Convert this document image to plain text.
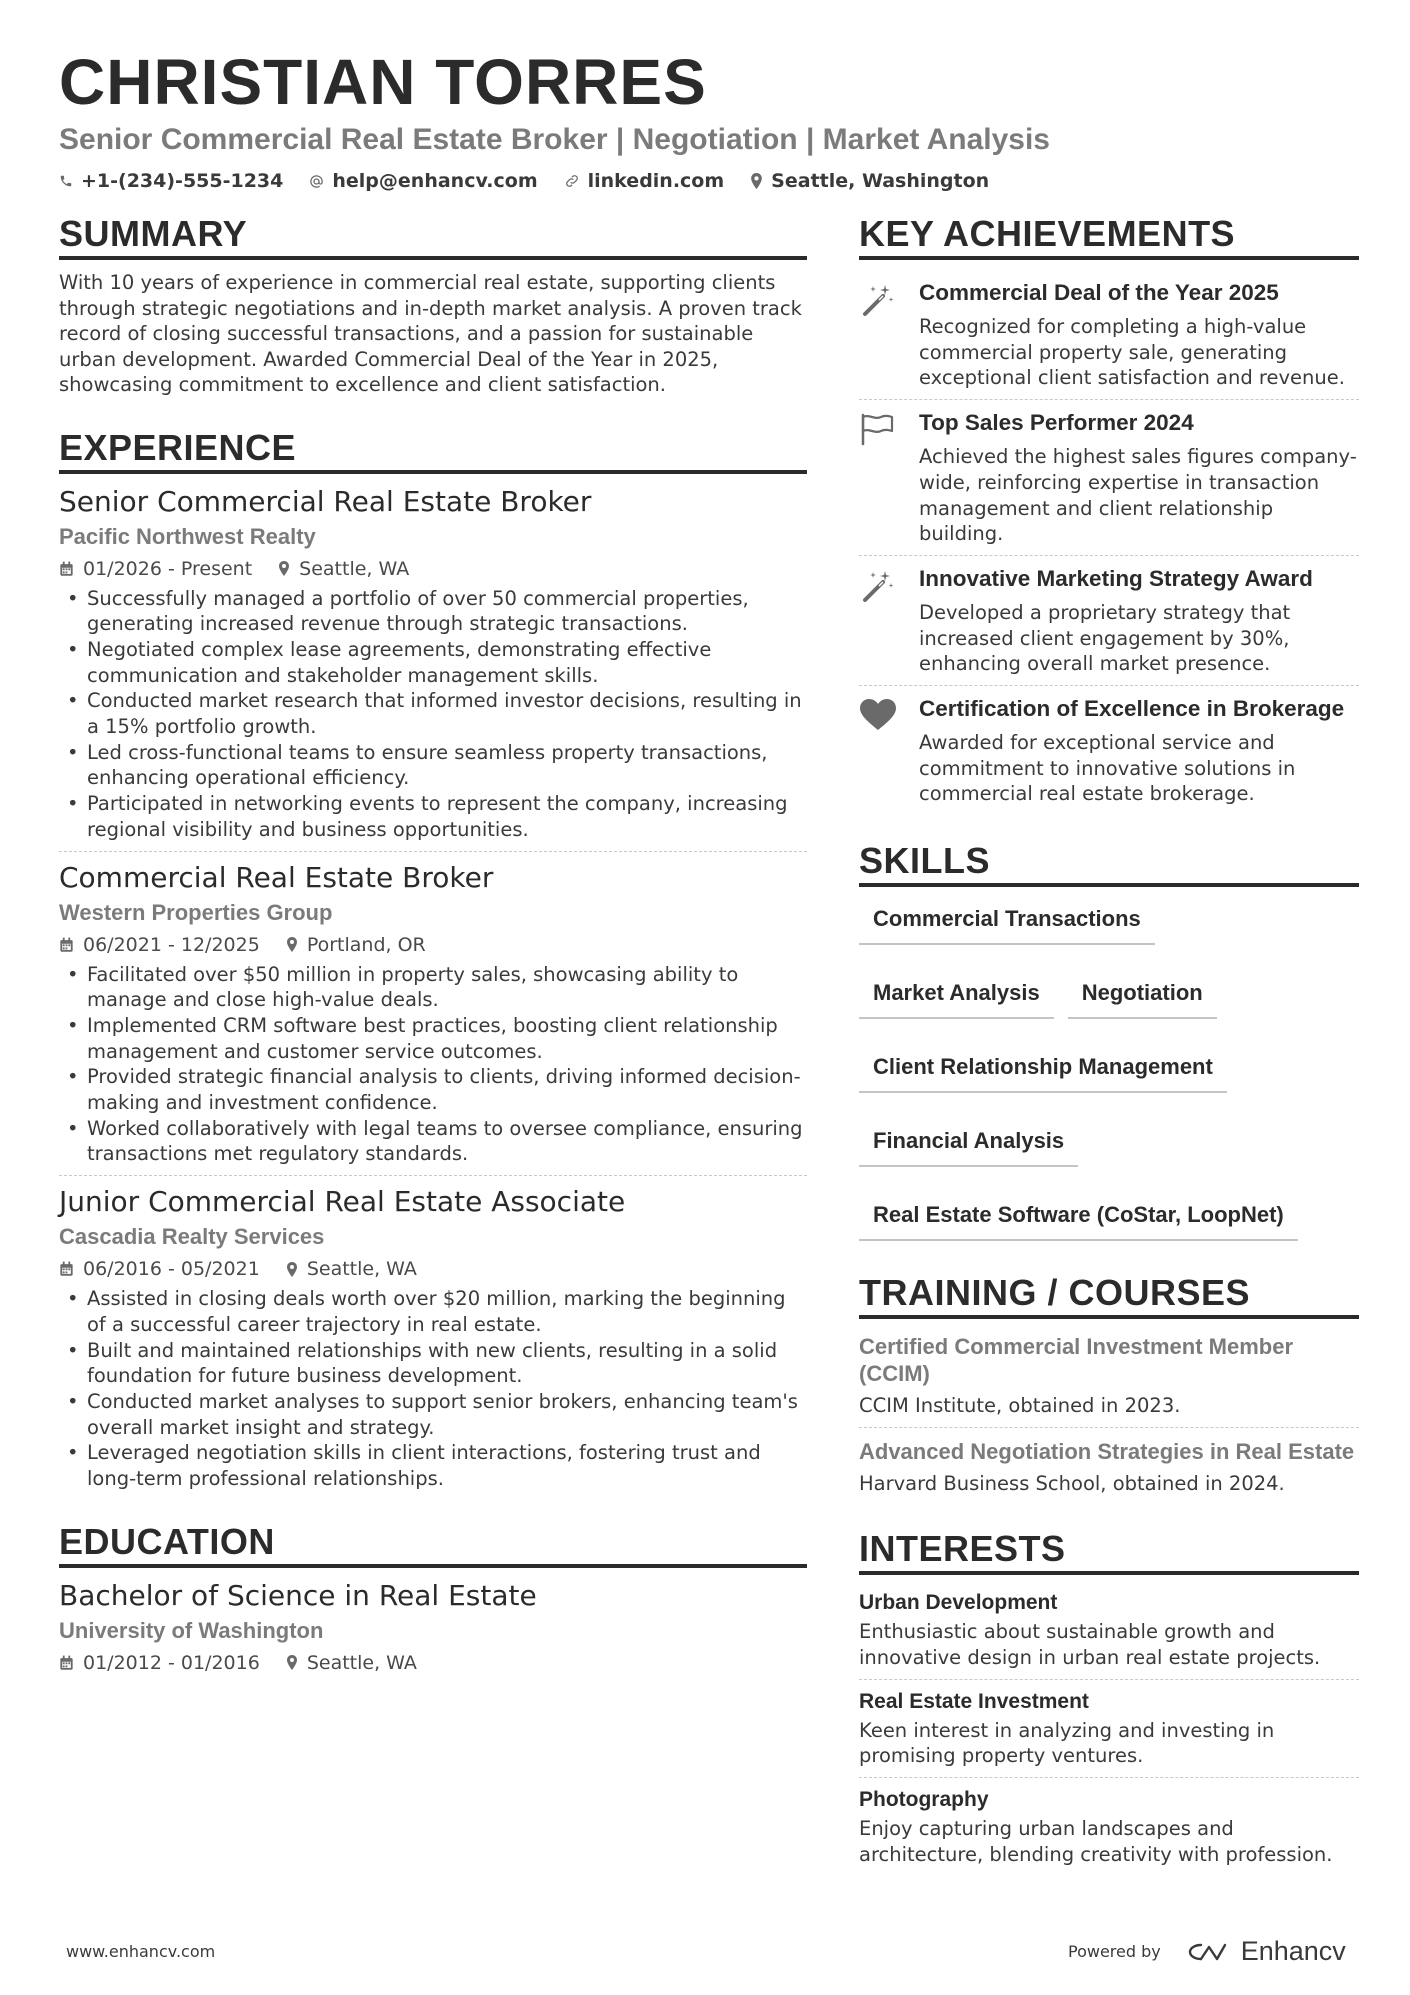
CHRISTIAN TORRES
Senior Commercial Real Estate Broker | Negotiation | Market Analysis
+1-(234)-555-1234	help@enhancv.com	linkedin.com Seattle, Washington
SUMMARY
With 10 years of experience in commercial real estate, supporting clients through strategic negotiations and in-depth market analysis. A proven track record of closing successful transactions, and a passion for sustainable urban development. Awarded Commercial Deal of the Year in 2025, showcasing commitment to excellence and client satisfaction.
EXPERIENCE
Senior Commercial Real Estate Broker
Pacific Northwest Realty
01/2026 - Present Seattle, WA
• Successfully managed a portfolio of over 50 commercial properties, generating increased revenue through strategic transactions.
• Negotiated complex lease agreements, demonstrating effective communication and stakeholder management skills.
• Conducted market research that informed investor decisions, resulting in a 15% portfolio growth.
• Led cross-functional teams to ensure seamless property transactions, enhancing operational efficiency.
• Participated in networking events to represent the company, increasing regional visibility and business opportunities.
Commercial Real Estate Broker
Western Properties Group
06/2021 - 12/2025 Portland, OR
• Facilitated over $50 million in property sales, showcasing ability to manage and close high-value deals.
• Implemented CRM software best practices, boosting client relationship management and customer service outcomes.
• Provided strategic financial analysis to clients, driving informed decision-making and investment confidence.
• Worked collaboratively with legal teams to oversee compliance, ensuring transactions met regulatory standards.
Junior Commercial Real Estate Associate
Cascadia Realty Services
06/2016 - 05/2021 Seattle, WA
• Assisted in closing deals worth over $20 million, marking the beginning of a successful career trajectory in real estate.
• Built and maintained relationships with new clients, resulting in a solid foundation for future business development.
• Conducted market analyses to support senior brokers, enhancing team's overall market insight and strategy.
• Leveraged negotiation skills in client interactions, fostering trust and long-term professional relationships.
EDUCATION
Bachelor of Science in Real Estate
University of Washington
01/2012 - 01/2016 Seattle, WA
KEY ACHIEVEMENTS
Commercial Deal of the Year 2025
Recognized for completing a high-value commercial property sale, generating exceptional client satisfaction and revenue.
Top Sales Performer 2024
Achieved the highest sales figures company-wide, reinforcing expertise in transaction management and client relationship building.
Innovative Marketing Strategy Award
Developed a proprietary strategy that increased client engagement by 30%, enhancing overall market presence.
Certification of Excellence in Brokerage
Awarded for exceptional service and commitment to innovative solutions in commercial real estate brokerage.
SKILLS
Commercial Transactions
Market Analysis	Negotiation
Client Relationship Management
Financial Analysis
Real Estate Software (CoStar, LoopNet)
TRAINING / COURSES
Certified Commercial Investment Member (CCIM)
CCIM Institute, obtained in 2023.
Advanced Negotiation Strategies in Real Estate
Harvard Business School, obtained in 2024.
INTERESTS
Urban Development
Enthusiastic about sustainable growth and innovative design in urban real estate projects.
Real Estate Investment
Keen interest in analyzing and investing in promising property ventures.
Photography
Enjoy capturing urban landscapes and architecture, blending creativity with profession.
www.enhancv.com	Powered by	Enhancv
